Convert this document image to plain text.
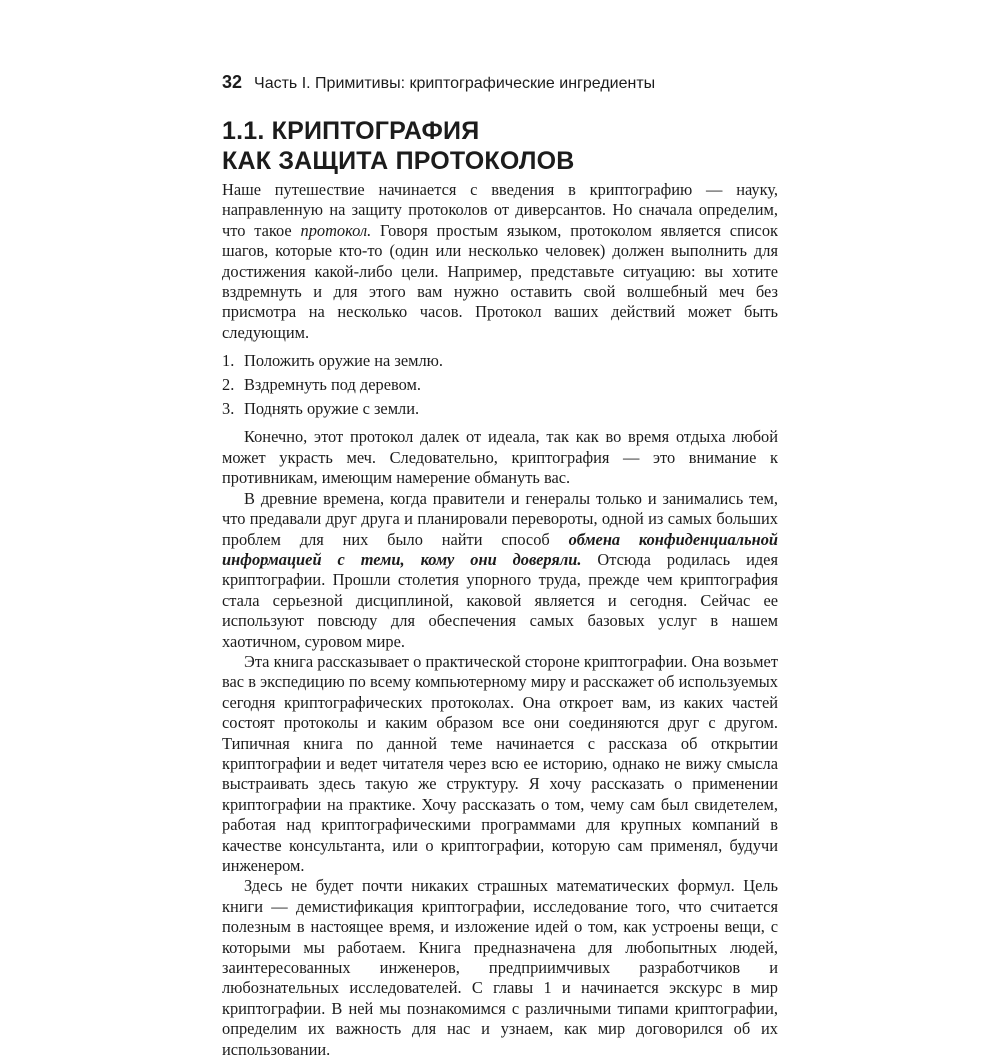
32 Часть I. Примитивы: криптографические ингредиенты
1.1. КРИПТОГРАФИЯ
КАК ЗАЩИТА ПРОТОКОЛОВ

Наше путешествие начинается с введения в криптографию — науку, направленную на защиту протоколов от диверсантов. Но сначала определим, что такое протокол. Говоря простым языком, протоколом является список шагов, которые кто-то (один или несколько человек) должен выполнить для достижения какой-либо цели. Например, представьте ситуацию: вы хотите вздремнуть и для этого вам нужно оставить свой волшебный меч без присмотра на несколько часов. Протокол ваших действий может быть следующим.

1. Положить оружие на землю.
2. Вздремнуть под деревом.
3. Поднять оружие с земли.

Конечно, этот протокол далек от идеала, так как во время отдыха любой может украсть меч. Следовательно, криптография — это внимание к противникам, имеющим намерение обмануть вас.

В древние времена, когда правители и генералы только и занимались тем, что предавали друг друга и планировали перевороты, одной из самых больших проблем для них было найти способ обмена конфиденциальной информацией с теми, кому они доверяли. Отсюда родилась идея криптографии. Прошли столетия упорного труда, прежде чем криптография стала серьезной дисциплиной, каковой является и сегодня. Сейчас ее используют повсюду для обеспечения самых базовых услуг в нашем хаотичном, суровом мире.

Эта книга рассказывает о практической стороне криптографии. Она возьмет вас в экспедицию по всему компьютерному миру и расскажет об используемых сегодня криптографических протоколах. Она откроет вам, из каких частей состоят протоколы и каким образом все они соединяются друг с другом. Типичная книга по данной теме начинается с рассказа об открытии криптографии и ведет читателя через всю ее историю, однако не вижу смысла выстраивать здесь такую же структуру. Я хочу рассказать о применении криптографии на практике. Хочу рассказать о том, чему сам был свидетелем, работая над криптографическими программами для крупных компаний в качестве консультанта, или о криптографии, которую сам применял, будучи инженером.

Здесь не будет почти никаких страшных математических формул. Цель книги — демистификация криптографии, исследование того, что считается полезным в настоящее время, и изложение идей о том, как устроены вещи, с которыми мы работаем. Книга предназначена для любопытных людей, заинтересованных инженеров, предприимчивых разработчиков и любознательных исследователей. С главы 1 и начинается экскурс в мир криптографии. В ней мы познакомимся с различными типами криптографии, определим их важность для нас и узнаем, как мир договорился об их использовании.
